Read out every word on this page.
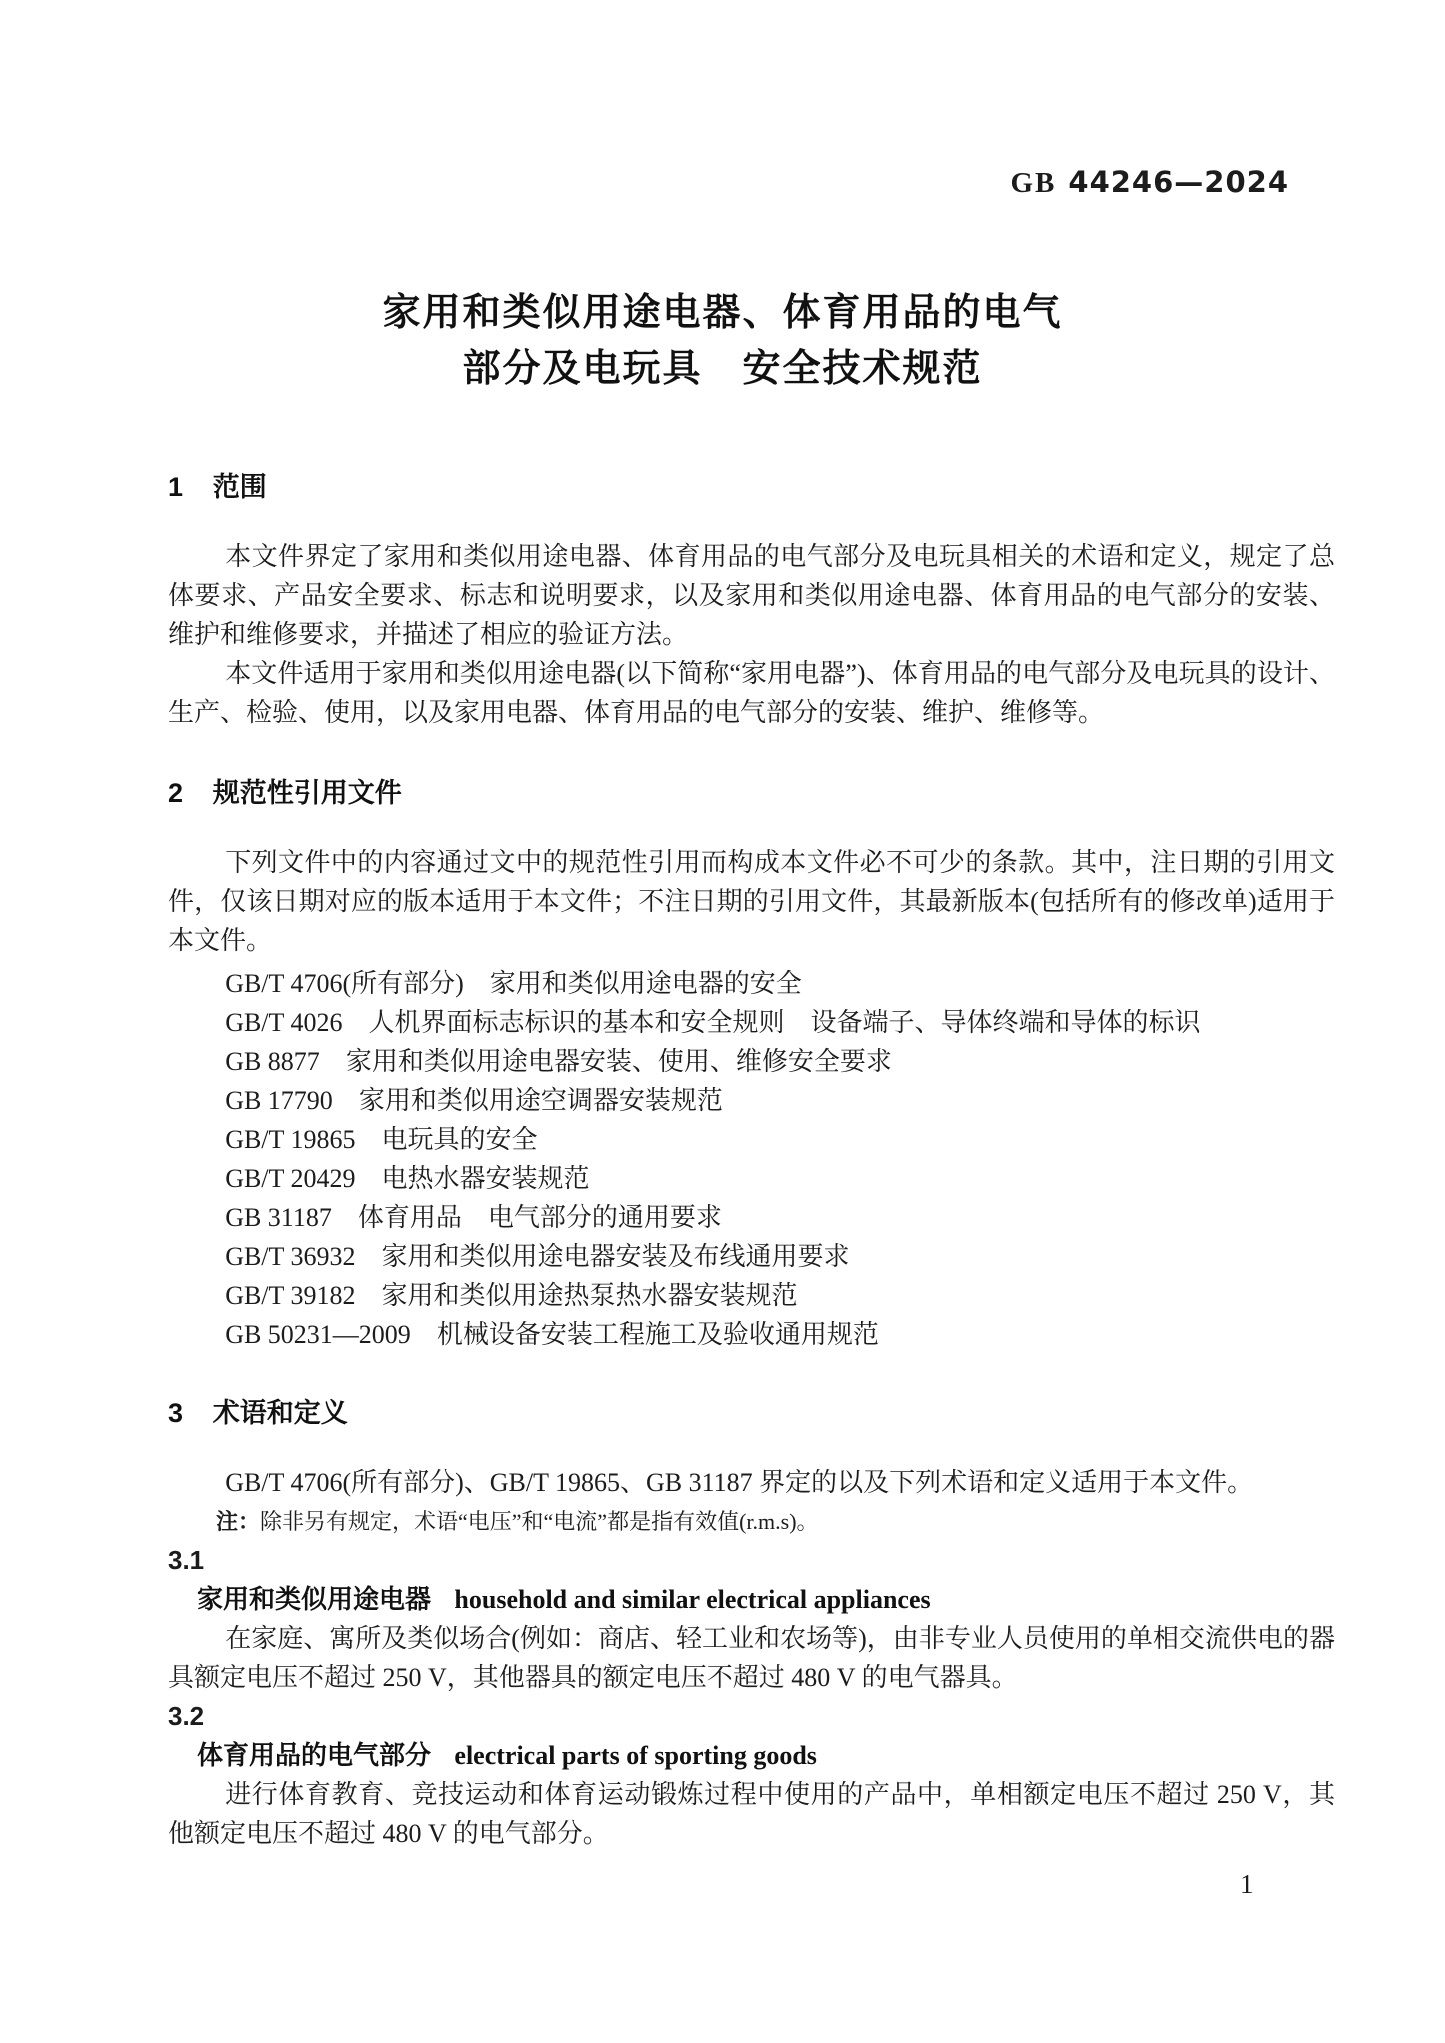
GB 44246—2024
家用和类似用途电器、体育用品的电气
部分及电玩具　安全技术规范
1 范围

本文件界定了家用和类似用途电器、体育用品的电气部分及电玩具相关的术语和定义，规定了总体要求、产品安全要求、标志和说明要求，以及家用和类似用途电器、体育用品的电气部分的安装、维护和维修要求，并描述了相应的验证方法。

本文件适用于家用和类似用途电器(以下简称“家用电器”)、体育用品的电气部分及电玩具的设计、生产、检验、使用，以及家用电器、体育用品的电气部分的安装、维护、维修等。

2 规范性引用文件

下列文件中的内容通过文中的规范性引用而构成本文件必不可少的条款。其中，注日期的引用文件，仅该日期对应的版本适用于本文件；不注日期的引用文件，其最新版本(包括所有的修改单)适用于本文件。

GB/T 4706(所有部分) 家用和类似用途电器的安全
GB/T 4026 人机界面标志标识的基本和安全规则　设备端子、导体终端和导体的标识
GB 8877 家用和类似用途电器安装、使用、维修安全要求
GB 17790 家用和类似用途空调器安装规范
GB/T 19865 电玩具的安全
GB/T 20429 电热水器安装规范
GB 31187 体育用品　电气部分的通用要求
GB/T 36932 家用和类似用途电器安装及布线通用要求
GB/T 39182 家用和类似用途热泵热水器安装规范
GB 50231—2009 机械设备安装工程施工及验收通用规范
3 术语和定义

GB/T 4706(所有部分)、GB/T 19865、GB 31187 界定的以及下列术语和定义适用于本文件。

注：除非另有规定，术语“电压”和“电流”都是指有效值(r.m.s)。

3.1
家用和类似用途电器 household and similar electrical appliances

在家庭、寓所及类似场合(例如：商店、轻工业和农场等)，由非专业人员使用的单相交流供电的器具额定电压不超过 250 V，其他器具的额定电压不超过 480 V 的电气器具。

3.2
体育用品的电气部分 electrical parts of sporting goods

进行体育教育、竞技运动和体育运动锻炼过程中使用的产品中，单相额定电压不超过 250 V，其他额定电压不超过 480 V 的电气部分。

1
